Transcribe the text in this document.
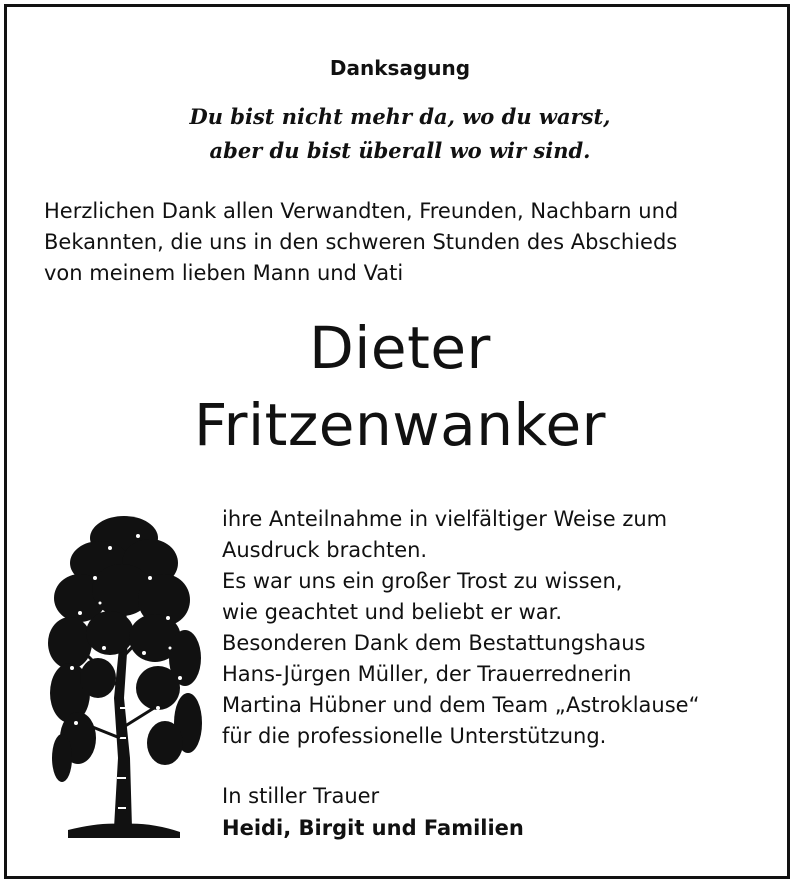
Danksagung
Du bist nicht mehr da, wo du warst,
aber du bist überall wo wir sind.
Herzlichen Dank allen Verwandten, Freunden, Nachbarn und
Bekannten, die uns in den schweren Stunden des Abschieds
von meinem lieben Mann und Vati
Dieter
Fritzenwanker
ihre Anteilnahme in vielfältiger Weise zum
Ausdruck brachten.
Es war uns ein großer Trost zu wissen,
wie geachtet und beliebt er war.
Besonderen Dank dem Bestattungshaus
Hans-Jürgen Müller, der Trauerrednerin
Martina Hübner und dem Team „Astroklause“
für die professionelle Unterstützung.
In stiller Trauer
Heidi, Birgit und Familien
